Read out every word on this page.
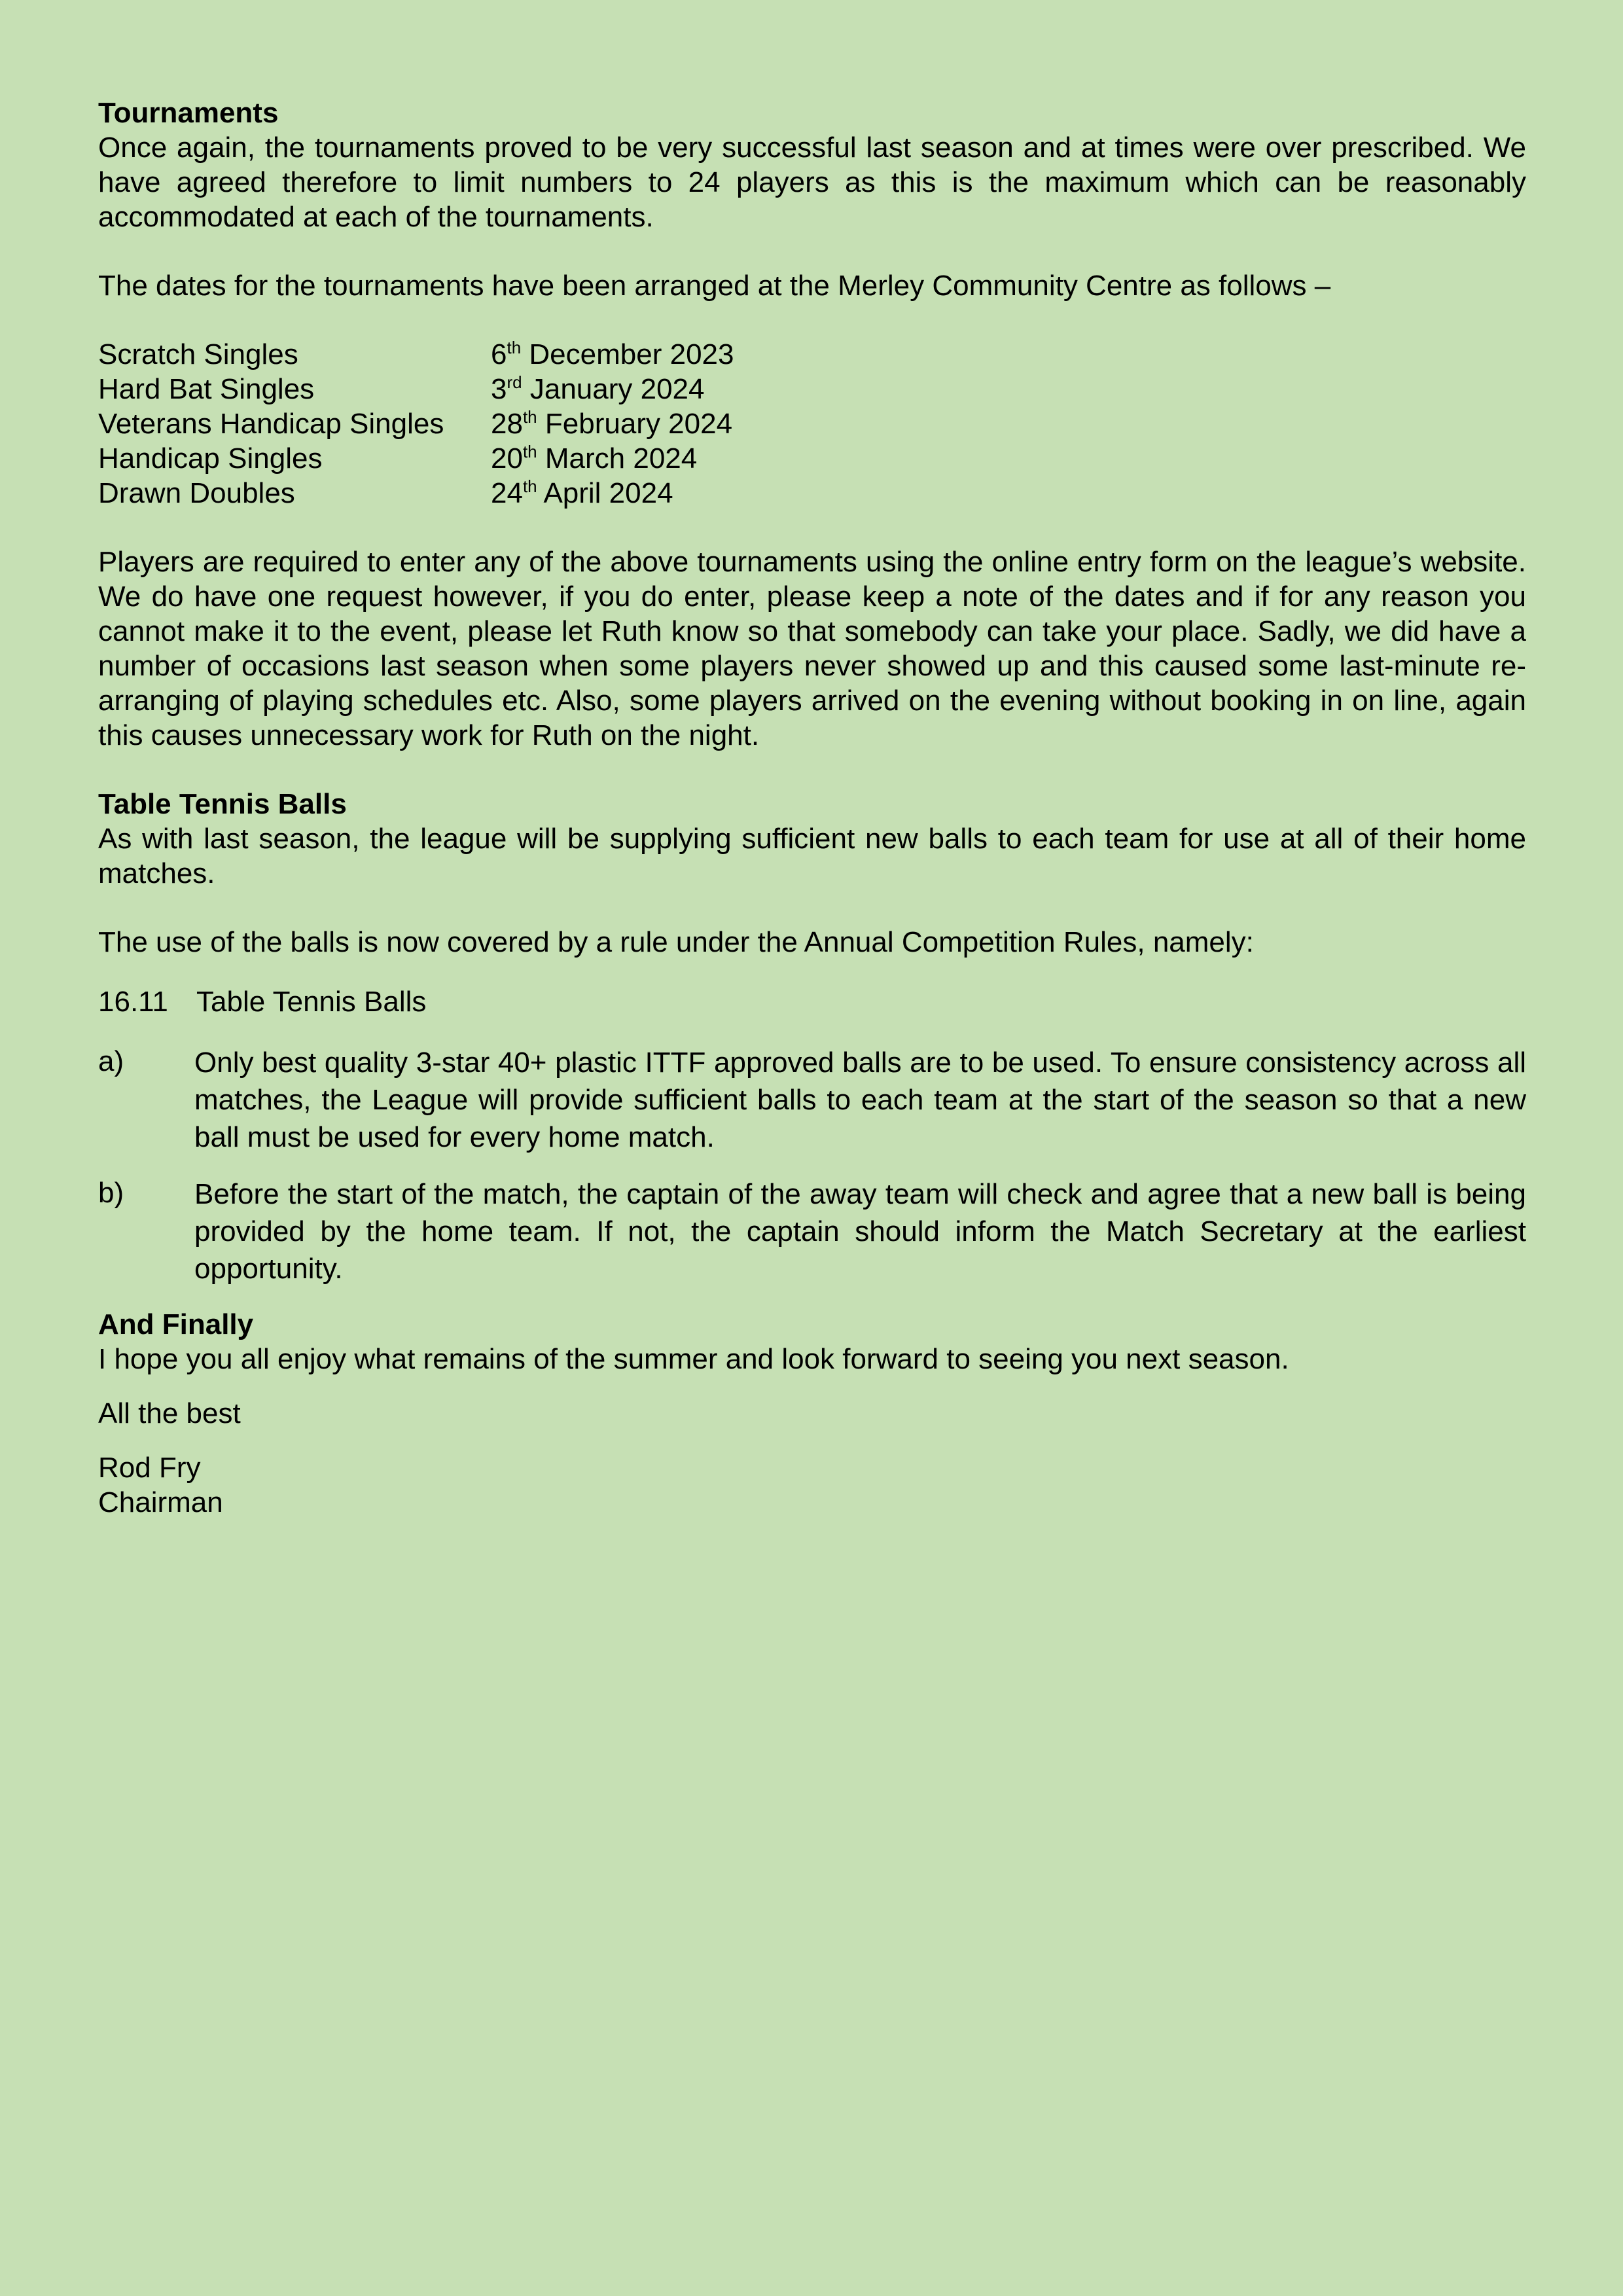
Tournaments
Once again, the tournaments proved to be very successful last season and at times were over prescribed. We have agreed therefore to limit numbers to 24 players as this is the maximum which can be reasonably accommodated at each of the tournaments.
The dates for the tournaments have been arranged at the Merley Community Centre as follows –
Scratch Singles	6th December 2023
Hard Bat Singles	3rd January 2024
Veterans Handicap Singles	28th February 2024
Handicap Singles	20th March 2024
Drawn Doubles	24th April 2024
Players are required to enter any of the above tournaments using the online entry form on the league’s website. We do have one request however, if you do enter, please keep a note of the dates and if for any reason you cannot make it to the event, please let Ruth know so that somebody can take your place. Sadly, we did have a number of occasions last season when some players never showed up and this caused some last-minute re-arranging of playing schedules etc. Also, some players arrived on the evening without booking in on line, again this causes unnecessary work for Ruth on the night.
Table Tennis Balls
As with last season, the league will be supplying sufficient new balls to each team for use at all of their home matches.
The use of the balls is now covered by a rule under the Annual Competition Rules, namely:
16.11 Table Tennis Balls
a)	Only best quality 3-star 40+ plastic ITTF approved balls are to be used. To ensure consistency across all matches, the League will provide sufficient balls to each team at the start of the season so that a new ball must be used for every home match.
b)	Before the start of the match, the captain of the away team will check and agree that a new ball is being provided by the home team. If not, the captain should inform the Match Secretary at the earliest opportunity.
And Finally
I hope you all enjoy what remains of the summer and look forward to seeing you next season.
All the best
Rod Fry
Chairman
